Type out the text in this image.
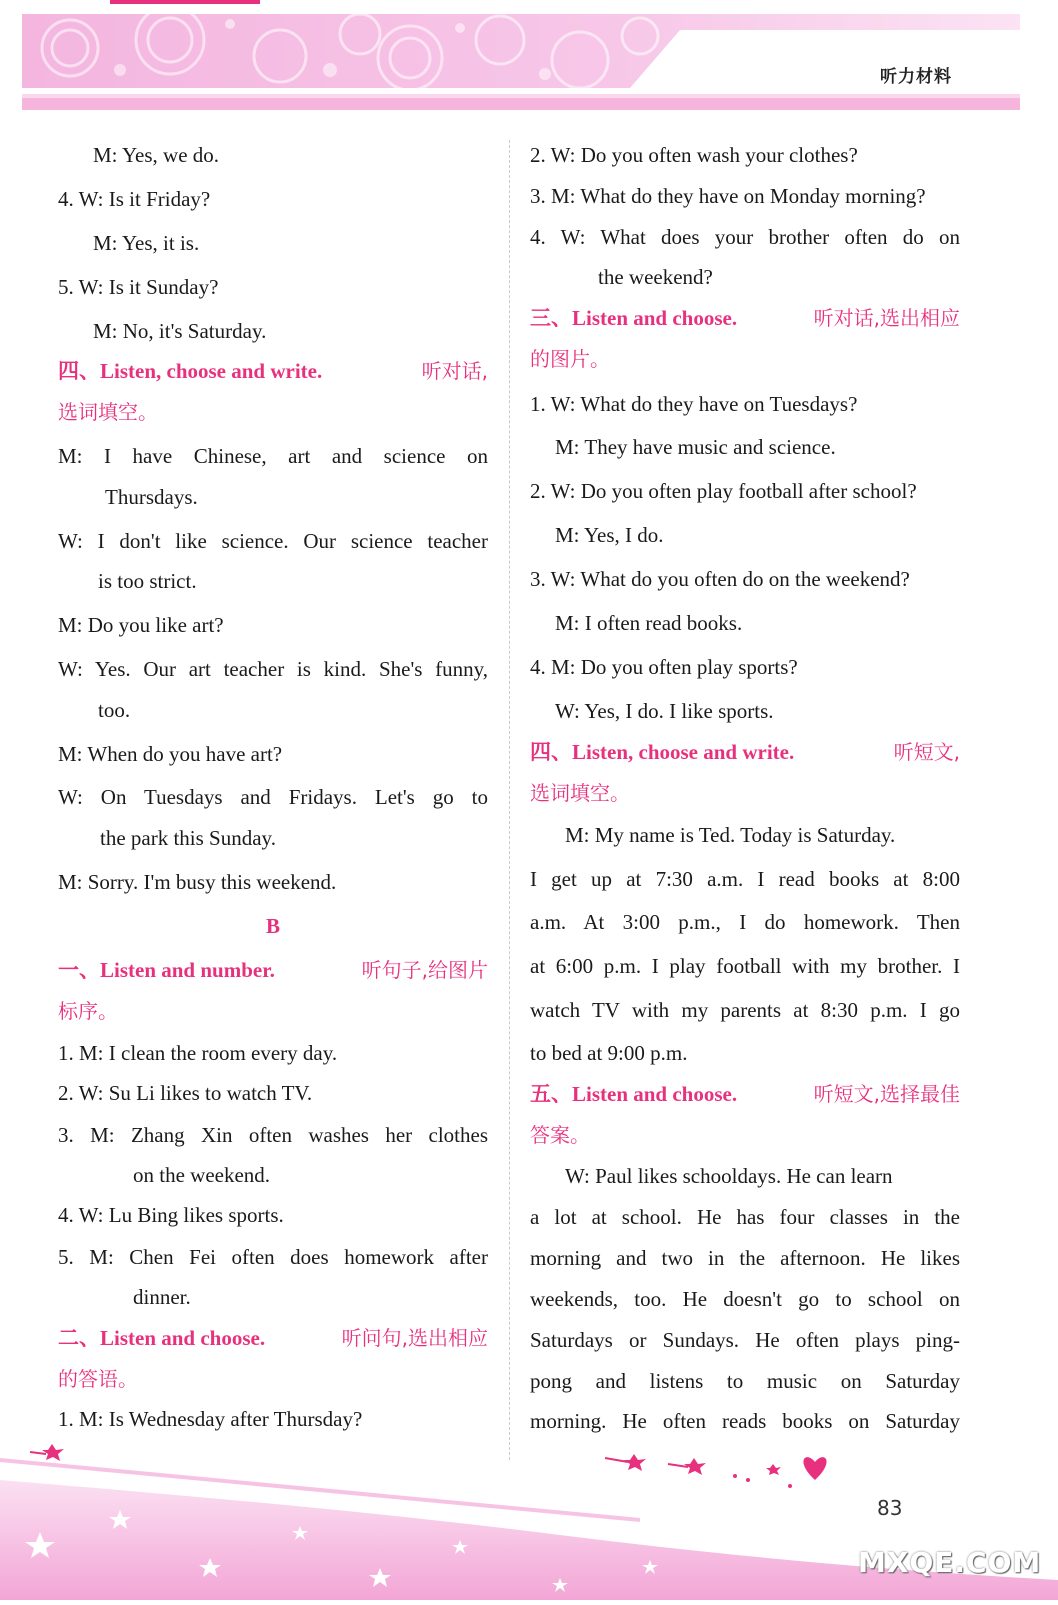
听力材料
M: Yes, we do.
4. W: Is it Friday?
M: Yes, it is.
5. W: Is it Sunday?
M: No, it's Saturday.
四、Listen, choose and write.	听对话,
选词填空。
M: I have Chinese, art and science on
Thursdays.
W: I don't like science. Our science teacher
is too strict.
M: Do you like art?
W: Yes. Our art teacher is kind. She's funny,
too.
M: When do you have art?
W: On Tuesdays and Fridays. Let's go to
the park this Sunday.
M: Sorry. I'm busy this weekend.
B
一、Listen and number.	听句子,给图片
标序。
1. M: I clean the room every day.
2. W: Su Li likes to watch TV.
3. M: Zhang Xin often washes her clothes
on the weekend.
4. W: Lu Bing likes sports.
5. M: Chen Fei often does homework after
dinner.
二、Listen and choose.	听问句,选出相应
的答语。
1. M: Is Wednesday after Thursday?
2. W: Do you often wash your clothes?
3. M: What do they have on Monday morning?
4. W: What does your brother often do on
the weekend?
三、Listen and choose.	听对话,选出相应
的图片。
1. W: What do they have on Tuesdays?
M: They have music and science.
2. W: Do you often play football after school?
M: Yes, I do.
3. W: What do you often do on the weekend?
M: I often read books.
4. M: Do you often play sports?
W: Yes, I do. I like sports.
四、Listen, choose and write.	听短文,
选词填空。
M: My name is Ted. Today is Saturday.
I get up at 7:30 a.m. I read books at 8:00
a.m. At 3:00 p.m., I do homework. Then
at 6:00 p.m. I play football with my brother. I
watch TV with my parents at 8:30 p.m. I go
to bed at 9:00 p.m.
五、Listen and choose.	听短文,选择最佳
答案。
W: Paul likes schooldays. He can learn
a lot at school. He has four classes in the
morning and two in the afternoon. He likes
weekends, too. He doesn't go to school on
Saturdays or Sundays. He often plays ping-
pong and listens to music on Saturday
morning. He often reads books on Saturday
83
MXQE.COM
